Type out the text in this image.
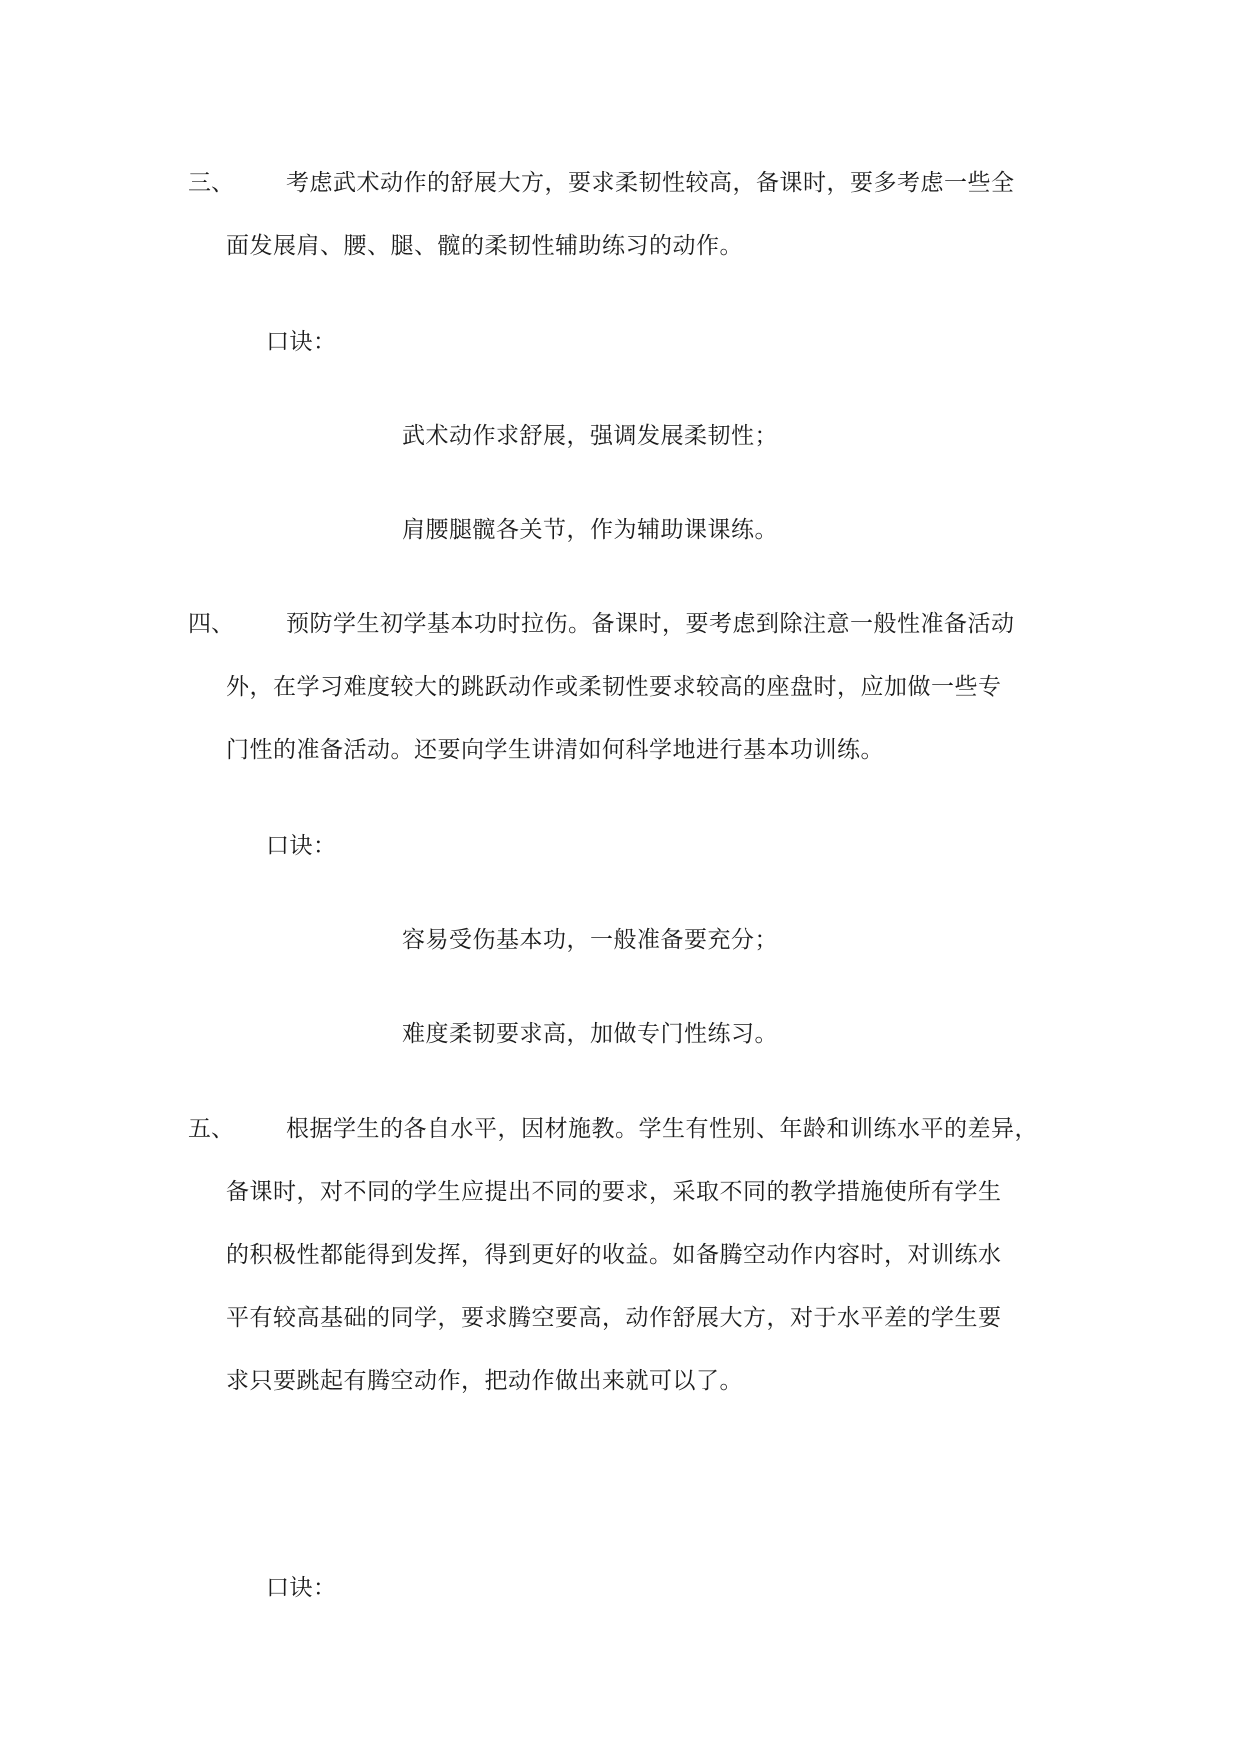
三、 考虑武术动作的舒展大方，要求柔韧性较高，备课时，要多考虑一些全
面发展肩、腰、腿、髋的柔韧性辅助练习的动作。
口诀：
武术动作求舒展，强调发展柔韧性；
肩腰腿髋各关节，作为辅助课课练。
四、 预防学生初学基本功时拉伤。备课时，要考虑到除注意一般性准备活动
外，在学习难度较大的跳跃动作或柔韧性要求较高的座盘时，应加做一些专
门性的准备活动。还要向学生讲清如何科学地进行基本功训练。
口诀：
容易受伤基本功，一般准备要充分；
难度柔韧要求高，加做专门性练习。
五、 根据学生的各自水平，因材施教。学生有性别、年龄和训练水平的差异，
备课时，对不同的学生应提出不同的要求，采取不同的教学措施使所有学生
的积极性都能得到发挥，得到更好的收益。如备腾空动作内容时，对训练水
平有较高基础的同学，要求腾空要高，动作舒展大方，对于水平差的学生要
求只要跳起有腾空动作，把动作做出来就可以了。
口诀：
